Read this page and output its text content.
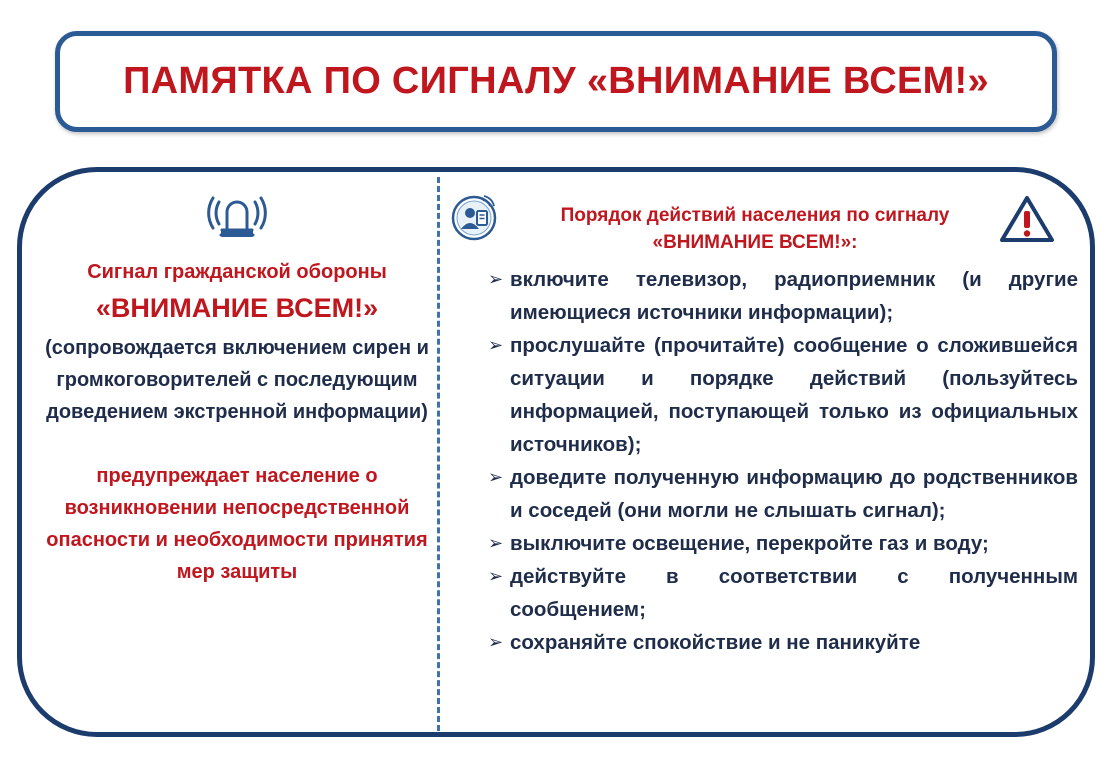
ПАМЯТКА ПО СИГНАЛУ «ВНИМАНИЕ ВСЕМ!»
Сигнал гражданской обороны
«ВНИМАНИЕ ВСЕМ!»
(сопровождается включением сирен и громкоговорителей с последующим доведением экстренной информации)
предупреждает население о возникновении непосредственной опасности и необходимости принятия мер защиты
Порядок действий населения по сигналу
«ВНИМАНИЕ ВСЕМ!»:
➢ включите телевизор, радиоприемник (и другие имеющиеся источники информации);
➢ прослушайте (прочитайте) сообщение о сложившейся ситуации и порядке действий (пользуйтесь информацией, поступающей только из официальных источников);
➢ доведите полученную информацию до родственников и соседей (они могли не слышать сигнал);
➢ выключите освещение, перекройте газ и воду;
➢ действуйте в соответствии с полученным сообщением;
➢ сохраняйте спокойствие и не паникуйте
